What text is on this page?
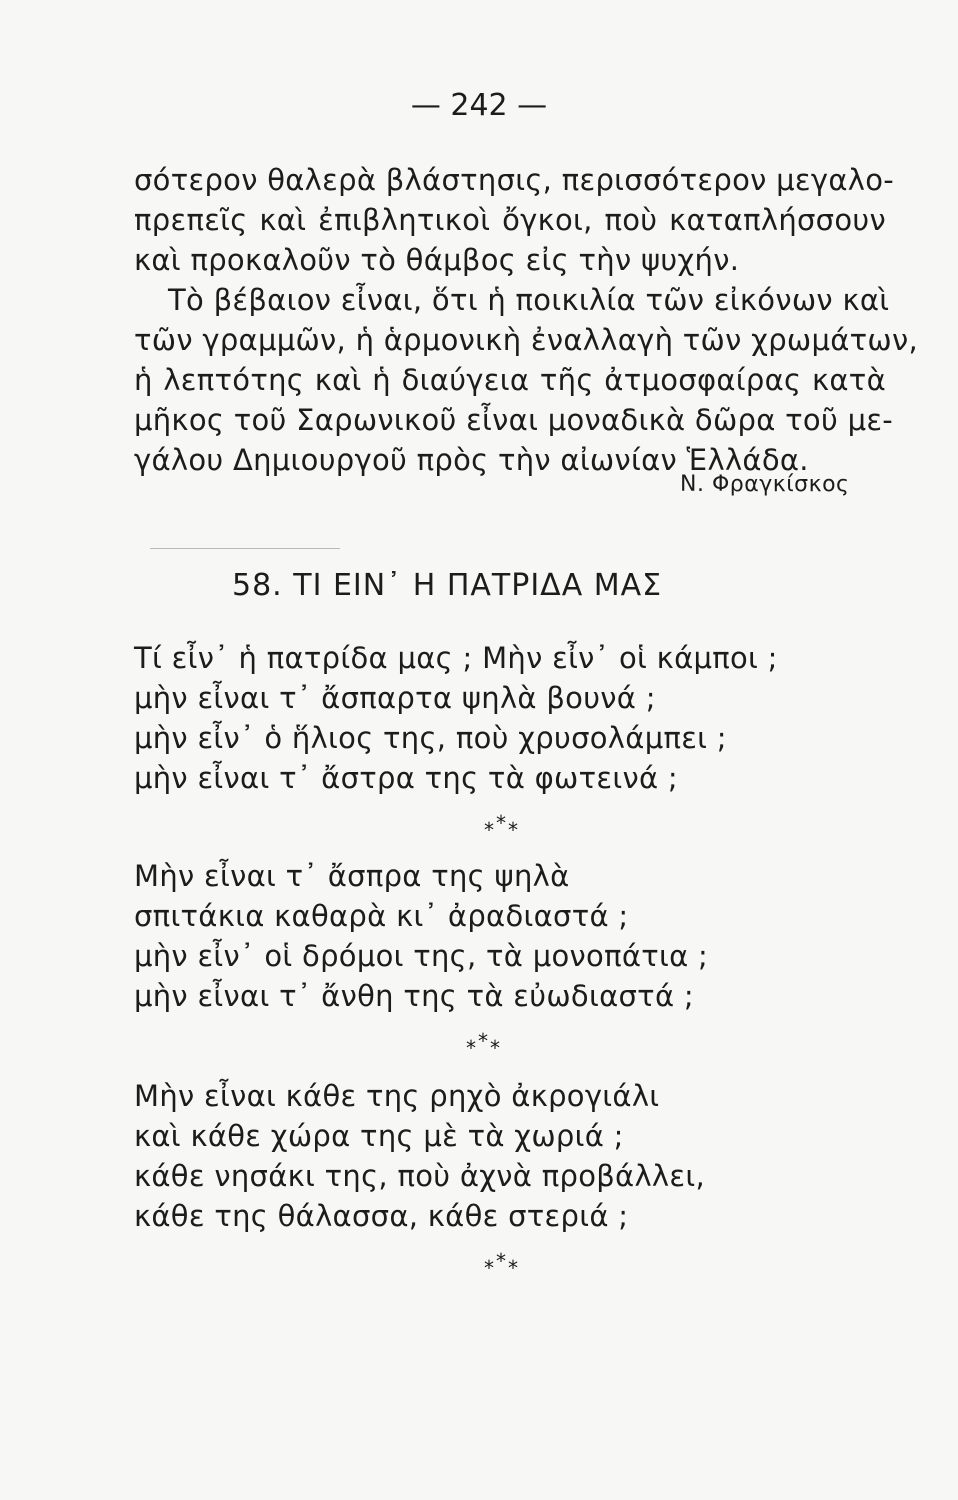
— 242 —
σότερον θαλερὰ βλάστησις, περισσότερον μεγαλο-
πρεπεῖς καὶ ἐπιβλητικοὶ ὄγκοι, ποὺ καταπλήσσουν
καὶ προκαλοῦν τὸ θάμβος εἰς τὴν ψυχήν.
Τὸ βέβαιον εἶναι, ὅτι ἡ ποικιλία τῶν εἰκόνων καὶ
τῶν γραμμῶν, ἡ ἁρμονικὴ ἐναλλαγὴ τῶν χρωμάτων,
ἡ λεπτότης καὶ ἡ διαύγεια τῆς ἀτμοσφαίρας κατὰ
μῆκος τοῦ Σαρωνικοῦ εἶναι μοναδικὰ δῶρα τοῦ με-
γάλου Δημιουργοῦ πρὸς τὴν αἰωνίαν Ἑλλάδα.
Ν. Φραγκίσκος
58. ΤΙ ΕΙΝ᾽ Η ΠΑΤΡΙΔΑ ΜΑΣ
Τί εἶν᾽ ἡ πατρίδα μας ; Μὴν εἶν᾽ οἱ κάμποι ;
μὴν εἶναι τ᾽ ἄσπαρτα ψηλὰ βουνά ;
μὴν εἶν᾽ ὁ ἥλιος της, ποὺ χρυσολάμπει ;
μὴν εἶναι τ᾽ ἄστρα της τὰ φωτεινά ;
***
Μὴν εἶναι τ᾽ ἄσπρα της ψηλὰ
σπιτάκια καθαρὰ κι᾽ ἀραδιαστά ;
μὴν εἶν᾽ οἱ δρόμοι της, τὰ μονοπάτια ;
μὴν εἶναι τ᾽ ἄνθη της τὰ εὐωδιαστά ;
***
Μὴν εἶναι κάθε της ρηχὸ ἀκρογιάλι
καὶ κάθε χώρα της μὲ τὰ χωριά ;
κάθε νησάκι της, ποὺ ἀχνὰ προβάλλει,
κάθε της θάλασσα, κάθε στεριά ;
***
